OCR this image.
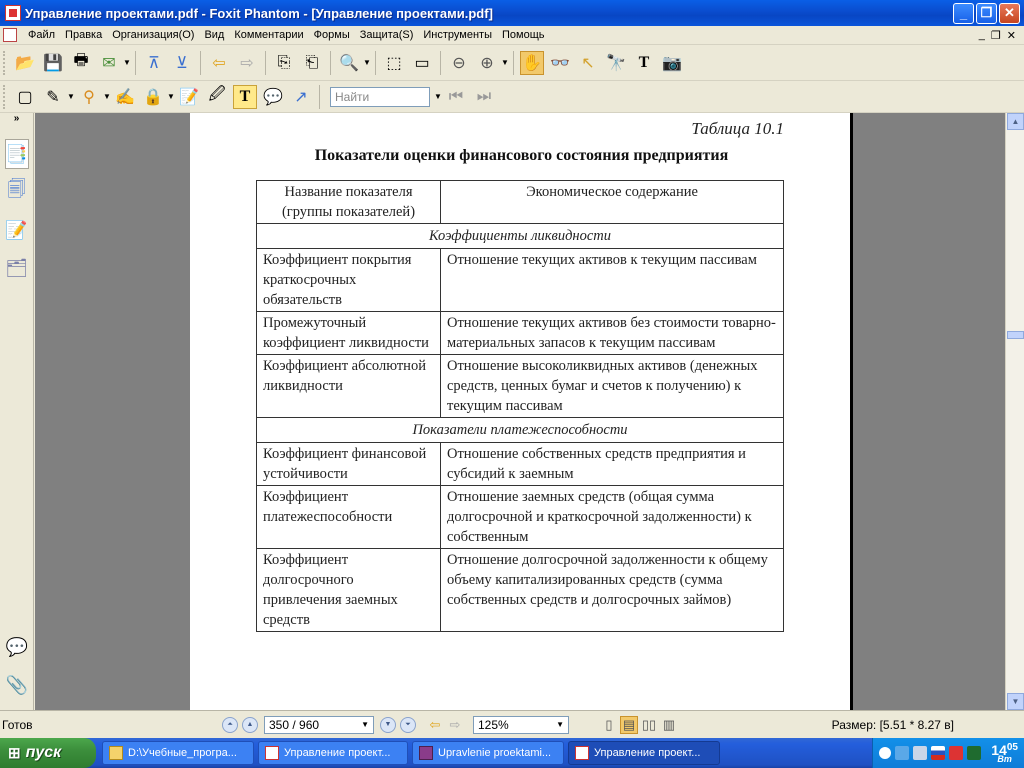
Управление проектами.pdf - Foxit Phantom - [Управление проектами.pdf]	_	❐ ✕
Файл Правка Организация(O) Вид Комментарии Формы Защита(S) Инструменты Помощь	_ ❐ ✕
📂 💾 🖶 ✉ ▼	⊼	⊻	⇦ ⇨	⎘ ⎗	🔍 ▼ ⬚ ▭	⊖ ⊕ ▼ ✋ 👓 ↖ 🔭 T 📷
▢ ✎ ▼ ⚲	▼ ✍ 🔒 ▼ 📝 🖉 T 💬 ↗	Найти	▼ ⏮ ⏭
»
📑
🗐
📝
🗂
💬
📎
Таблица 10.1
Показатели оценки финансового состояния предприятия
Название показателя (группы показателей)	Экономическое содержание
Коэффициенты ликвидности	
Коэффициент покрытия краткосрочных обязательств	Отношение текущих активов к текущим пассивам
Промежуточный коэффициент ликвидности	Отношение текущих активов без стоимости товарно-материальных запасов к текущим пассивам
Коэффициент абсолютной ликвидности	Отношение высоколиквидных активов (денежных средств, ценных бумаг и счетов к получению) к текущим пассивам
Показатели платежеспособности	
Коэффициент финансовой устойчивости	Отношение собственных средств предприятия и субсидий к заемным
Коэффициент платежеспособности	Отношение заемных средств (общая сумма долгосрочной и краткосрочной задолженности) к собственным
Коэффициент долгосрочного привлечения заемных средств	Отношение долгосрочной задолженности к общему объему капитализированных средств (сумма собственных средств и долгосрочных займов)
▲
▼
Готов	⏶	▲	350 / 960	▼	▼	⏷	⇦ ⇨ 125%	▼	▯ ▤ ▯▯ ▥	Размер: [5.51 * 8.27 в]
⊞ пуск	D:\Учебные_програ...	Управление проект...	Upravlenie proektami...	Управление проект...	$14^{05}$
Вт
